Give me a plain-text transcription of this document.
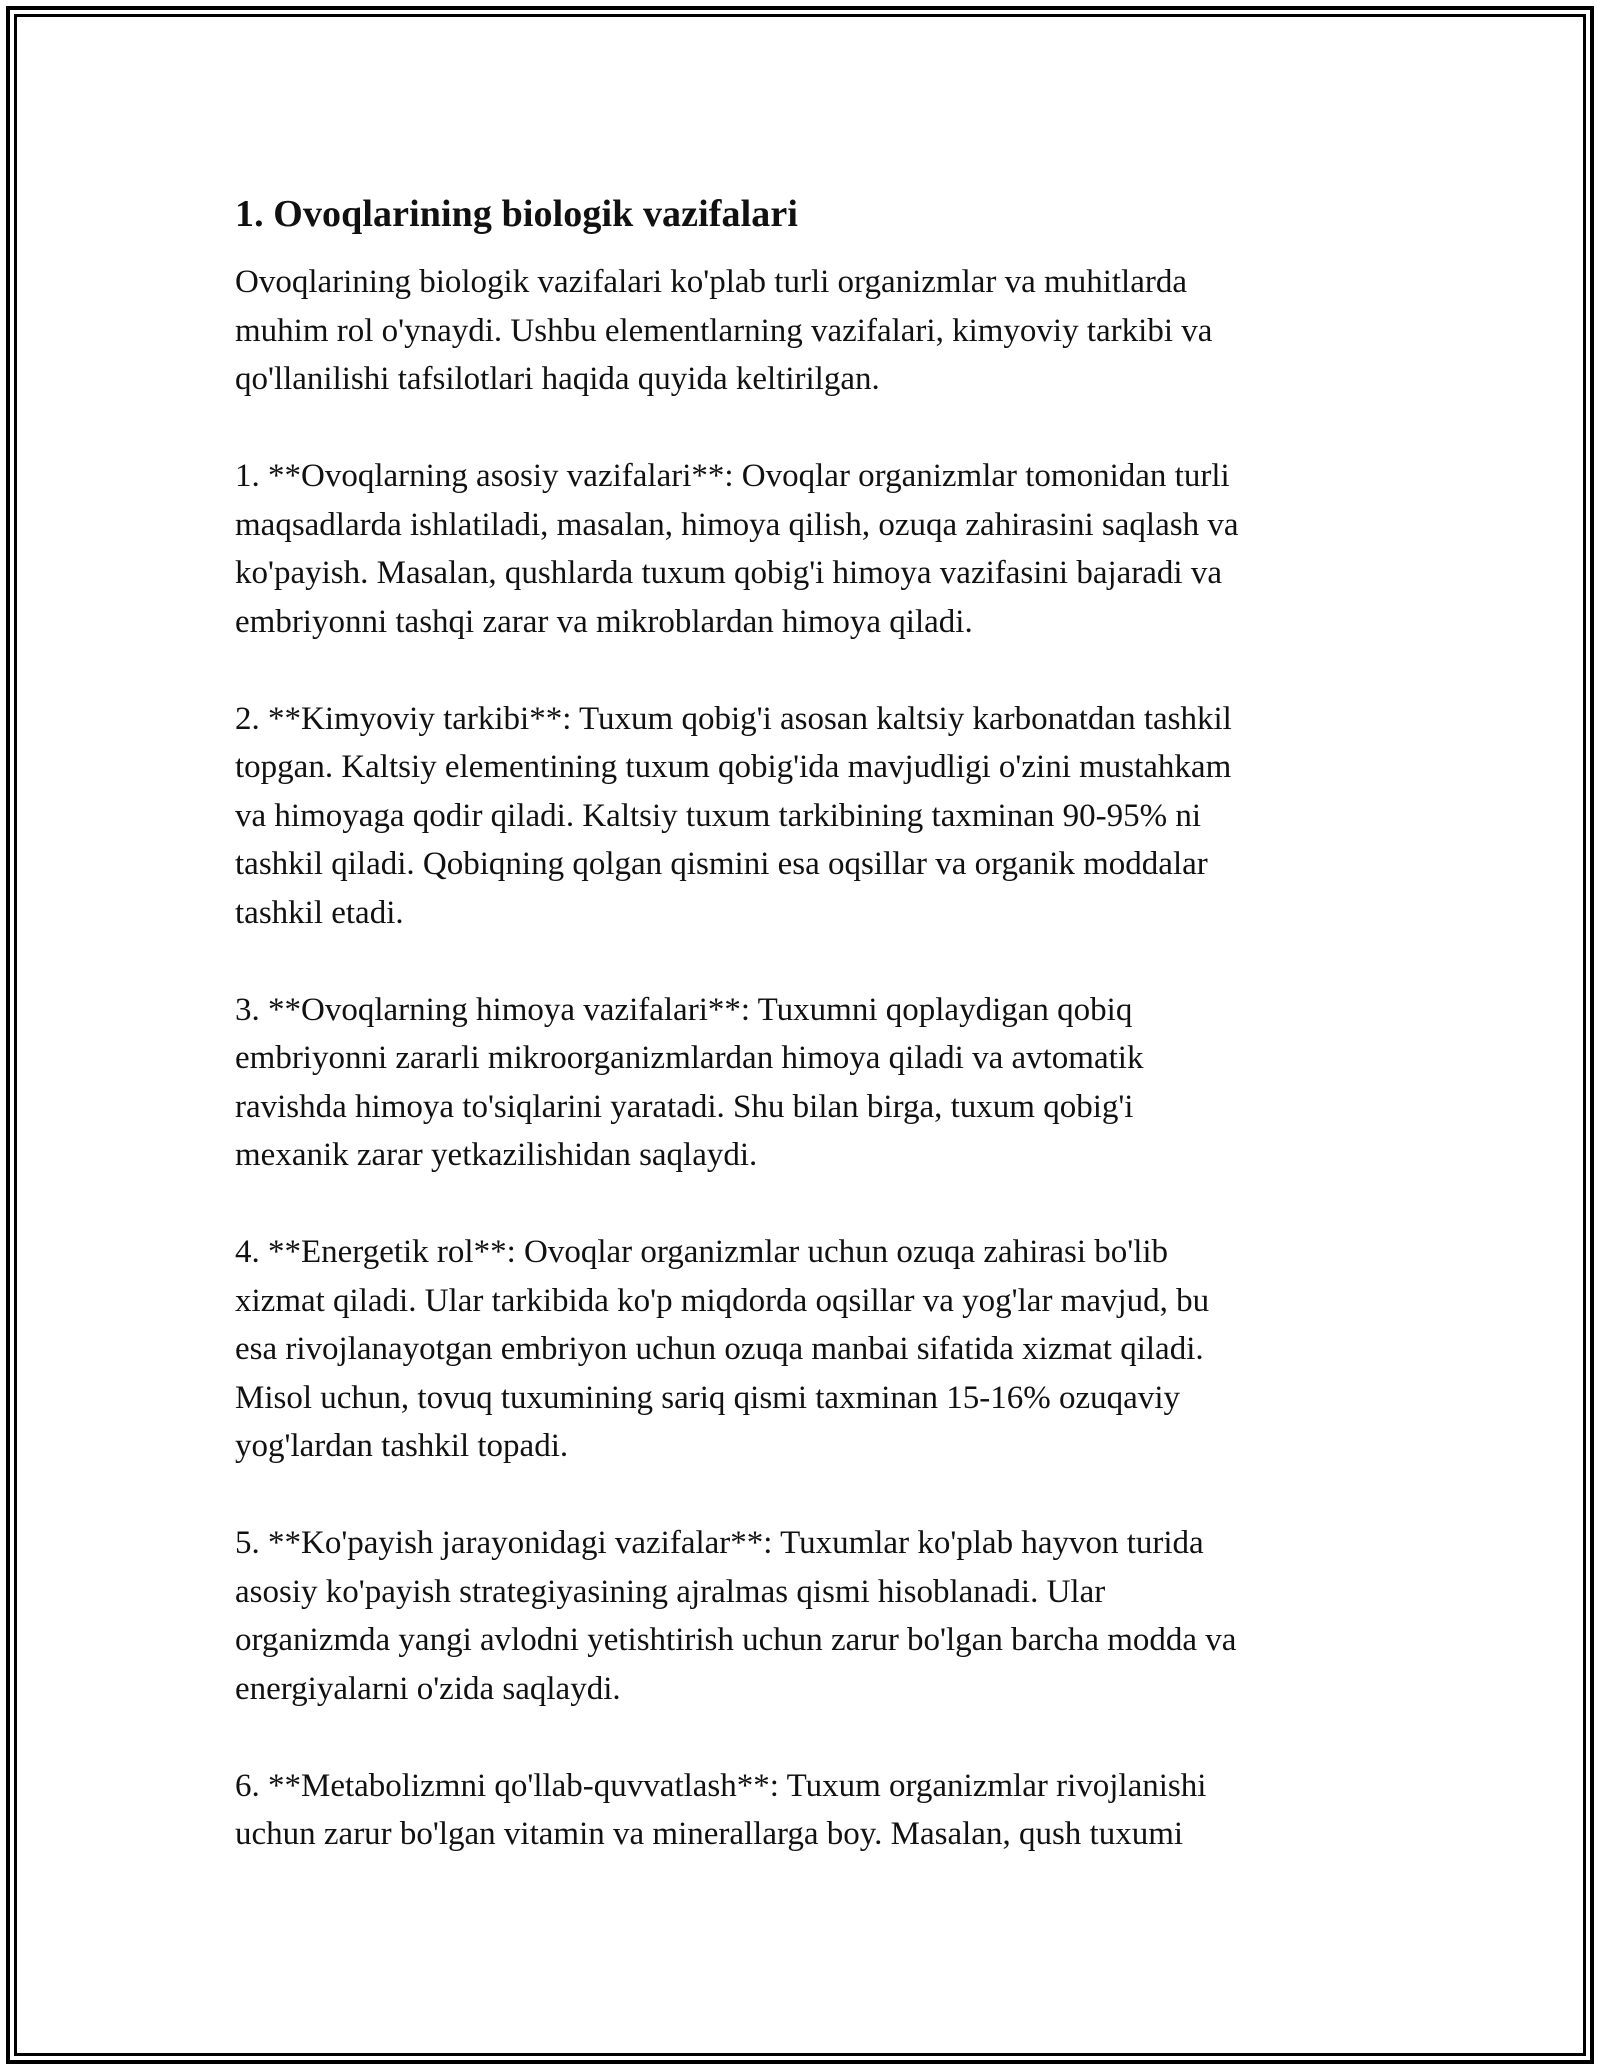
1. Ovoqlarining biologik vazifalari
Ovoqlarining biologik vazifalari ko'plab turli organizmlar va muhitlarda
muhim rol o'ynaydi. Ushbu elementlarning vazifalari, kimyoviy tarkibi va
qo'llanilishi tafsilotlari haqida quyida keltirilgan.
1. **Ovoqlarning asosiy vazifalari**: Ovoqlar organizmlar tomonidan turli
maqsadlarda ishlatiladi, masalan, himoya qilish, ozuqa zahirasini saqlash va
ko'payish. Masalan, qushlarda tuxum qobig'i himoya vazifasini bajaradi va
embriyonni tashqi zarar va mikroblardan himoya qiladi.
2. **Kimyoviy tarkibi**: Tuxum qobig'i asosan kaltsiy karbonatdan tashkil
topgan. Kaltsiy elementining tuxum qobig'ida mavjudligi o'zini mustahkam
va himoyaga qodir qiladi. Kaltsiy tuxum tarkibining taxminan 90-95% ni
tashkil qiladi. Qobiqning qolgan qismini esa oqsillar va organik moddalar
tashkil etadi.
3. **Ovoqlarning himoya vazifalari**: Tuxumni qoplaydigan qobiq
embriyonni zararli mikroorganizmlardan himoya qiladi va avtomatik
ravishda himoya to'siqlarini yaratadi. Shu bilan birga, tuxum qobig'i
mexanik zarar yetkazilishidan saqlaydi.
4. **Energetik rol**: Ovoqlar organizmlar uchun ozuqa zahirasi bo'lib
xizmat qiladi. Ular tarkibida ko'p miqdorda oqsillar va yog'lar mavjud, bu
esa rivojlanayotgan embriyon uchun ozuqa manbai sifatida xizmat qiladi.
Misol uchun, tovuq tuxumining sariq qismi taxminan 15-16% ozuqaviy
yog'lardan tashkil topadi.
5. **Ko'payish jarayonidagi vazifalar**: Tuxumlar ko'plab hayvon turida
asosiy ko'payish strategiyasining ajralmas qismi hisoblanadi. Ular
organizmda yangi avlodni yetishtirish uchun zarur bo'lgan barcha modda va
energiyalarni o'zida saqlaydi.
6. **Metabolizmni qo'llab-quvvatlash**: Tuxum organizmlar rivojlanishi
uchun zarur bo'lgan vitamin va minerallarga boy. Masalan, qush tuxumi
